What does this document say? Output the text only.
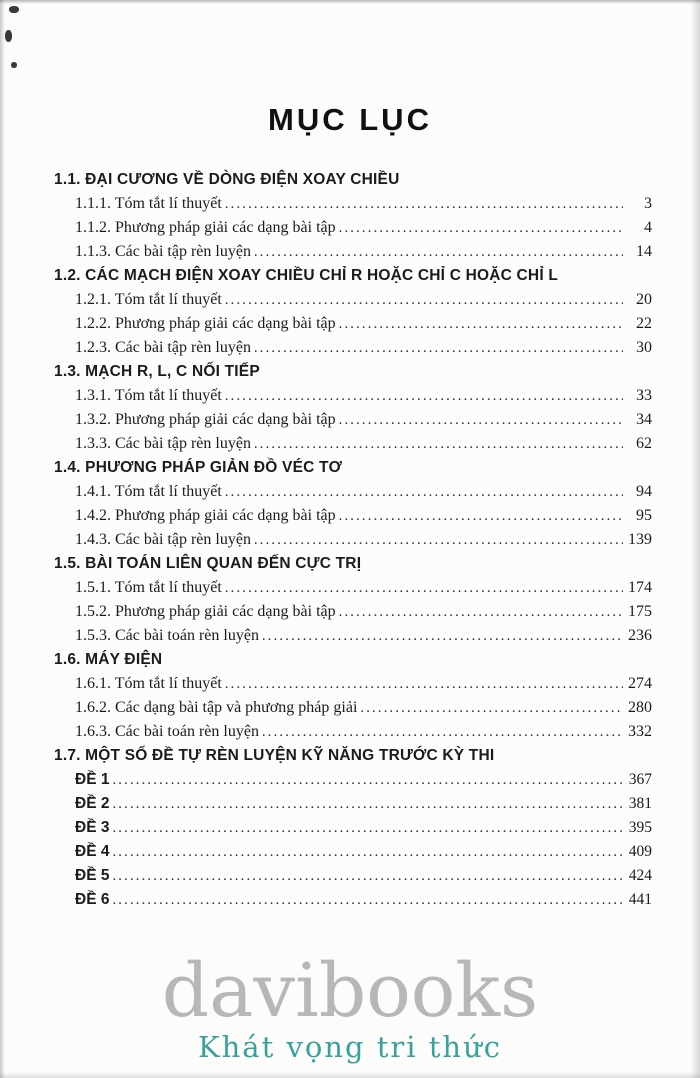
MỤC LỤC
1.1. ĐẠI CƯƠNG VỀ DÒNG ĐIỆN XOAY CHIỀU
1.1.1. Tóm tắt lí thuyết .....	3
1.1.2. Phương pháp giải các dạng bài tập .....	4
1.1.3. Các bài tập rèn luyện .....	14
1.2. CÁC MẠCH ĐIỆN XOAY CHIỀU CHỈ R HOẶC CHỈ C HOẶC CHỈ L
1.2.1. Tóm tắt lí thuyết .....	20
1.2.2. Phương pháp giải các dạng bài tập .....	22
1.2.3. Các bài tập rèn luyện .....	30
1.3. MẠCH R, L, C NỐI TIẾP
1.3.1. Tóm tắt lí thuyết .....	33
1.3.2. Phương pháp giải các dạng bài tập .....	34
1.3.3. Các bài tập rèn luyện .....	62
1.4. PHƯƠNG PHÁP GIẢN ĐỒ VÉC TƠ
1.4.1. Tóm tắt lí thuyết .....	94
1.4.2. Phương pháp giải các dạng bài tập .....	95
1.4.3. Các bài tập rèn luyện .....	139
1.5. BÀI TOÁN LIÊN QUAN ĐẾN CỰC TRỊ
1.5.1. Tóm tắt lí thuyết .....	174
1.5.2. Phương pháp giải các dạng bài tập .....	175
1.5.3. Các bài toán rèn luyện .....	236
1.6. MÁY ĐIỆN
1.6.1. Tóm tắt lí thuyết .....	274
1.6.2. Các dạng bài tập và phương pháp giải .....	280
1.6.3. Các bài toán rèn luyện .....	332
1.7. MỘT SỐ ĐỀ TỰ RÈN LUYỆN KỸ NĂNG TRƯỚC KỲ THI
ĐỀ 1 .....	367
ĐỀ 2 .....	381
ĐỀ 3 .....	395
ĐỀ 4 .....	409
ĐỀ 5 .....	424
ĐỀ 6 .....	441
davibooks
Khát vọng tri thức
